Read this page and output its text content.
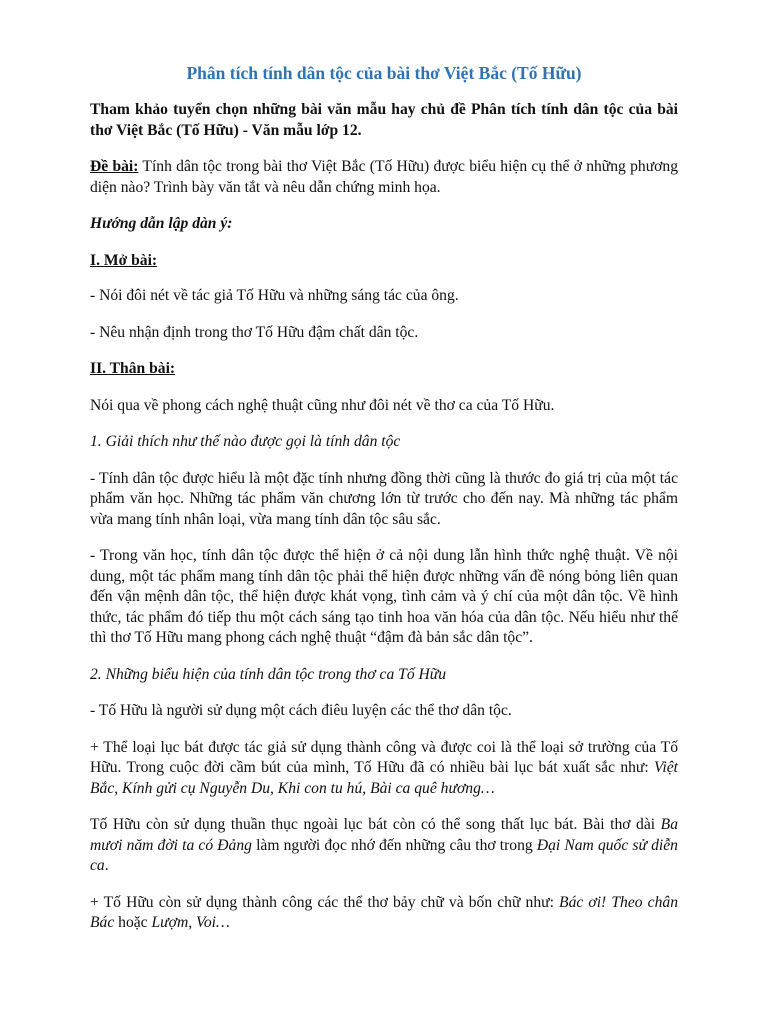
Phân tích tính dân tộc của bài thơ Việt Bắc (Tố Hữu)

Tham khảo tuyển chọn những bài văn mẫu hay chủ đề Phân tích tính dân tộc của bài thơ Việt Bắc (Tố Hữu) - Văn mẫu lớp 12.

Đề bài: Tính dân tộc trong bài thơ Việt Bắc (Tố Hữu) được biểu hiện cụ thể ở những phương diện nào? Trình bày văn tắt và nêu dẫn chứng minh họa.

Hướng dẫn lập dàn ý:

I. Mở bài:

- Nói đôi nét về tác giả Tố Hữu và những sáng tác của ông.

- Nêu nhận định trong thơ Tố Hữu đậm chất dân tộc.

II. Thân bài:

Nói qua về phong cách nghệ thuật cũng như đôi nét về thơ ca của Tố Hữu.

1. Giải thích như thế nào được gọi là tính dân tộc

- Tính dân tộc được hiểu là một đặc tính nhưng đồng thời cũng là thước đo giá trị của một tác phẩm văn học. Những tác phẩm văn chương lớn từ trước cho đến nay. Mà những tác phẩm vừa mang tính nhân loại, vừa mang tính dân tộc sâu sắc.

- Trong văn học, tính dân tộc được thể hiện ở cả nội dung lẫn hình thức nghệ thuật. Về nội dung, một tác phẩm mang tính dân tộc phải thể hiện được những vấn đề nóng bỏng liên quan đến vận mệnh dân tộc, thể hiện được khát vọng, tình cảm và ý chí của một dân tộc. Về hình thức, tác phẩm đó tiếp thu một cách sáng tạo tinh hoa văn hóa của dân tộc. Nếu hiểu như thế thì thơ Tố Hữu mang phong cách nghệ thuật “đậm đà bản sắc dân tộc”.

2. Những biểu hiện của tính dân tộc trong thơ ca Tố Hữu

- Tố Hữu là người sử dụng một cách điêu luyện các thể thơ dân tộc.

+ Thể loại lục bát được tác giả sử dụng thành công và được coi là thể loại sở trường của Tố Hữu. Trong cuộc đời cầm bút của mình, Tố Hữu đã có nhiều bài lục bát xuất sắc như: Việt Bắc, Kính gửi cụ Nguyễn Du, Khi con tu hú, Bài ca quê hương…

Tố Hữu còn sử dụng thuần thục ngoài lục bát còn có thể song thất lục bát. Bài thơ dài Ba mươi năm đời ta có Đảng làm người đọc nhớ đến những câu thơ trong Đại Nam quốc sử diễn ca.

+ Tố Hữu còn sử dụng thành công các thể thơ bảy chữ và bốn chữ như: Bác ơi! Theo chân Bác hoặc Lượm, Voi…
